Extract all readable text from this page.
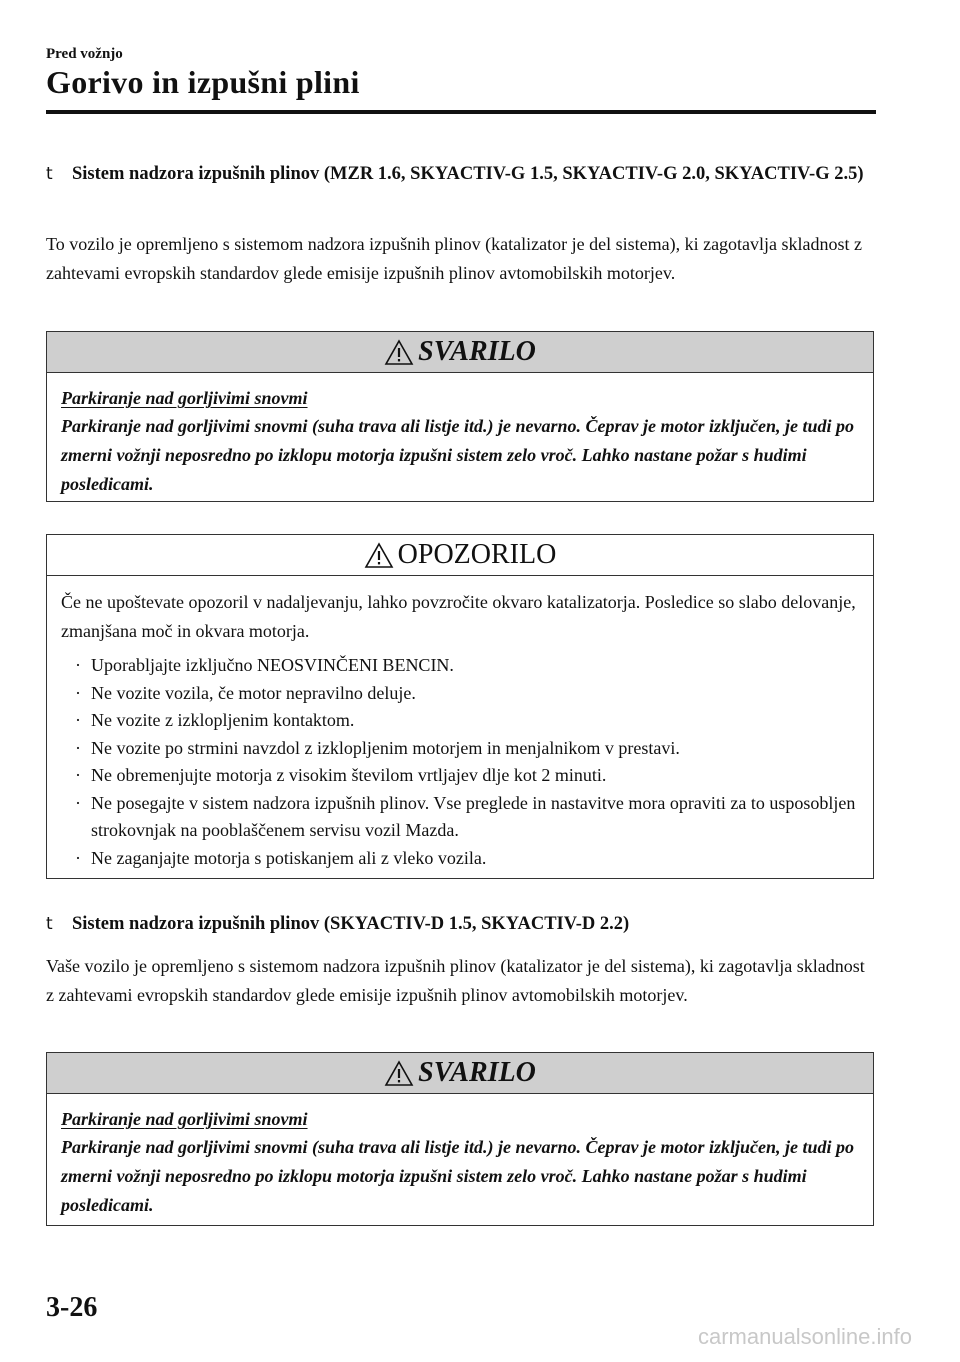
Pred vožnjo
Gorivo in izpušni plini
t Sistem nadzora izpušnih plinov (MZR 1.6, SKYACTIV-G 1.5, SKYACTIV-G 2.0, SKYACTIV-G 2.5)
To vozilo je opremljeno s sistemom nadzora izpušnih plinov (katalizator je del sistema), ki zagotavlja skladnost z zahtevami evropskih standardov glede emisije izpušnih plinov avtomobilskih motorjev.
SVARILO
Parkiranje nad gorljivimi snovmi
Parkiranje nad gorljivimi snovmi (suha trava ali listje itd.) je nevarno. Čeprav je motor izključen, je tudi po zmerni vožnji neposredno po izklopu motorja izpušni sistem zelo vroč. Lahko nastane požar s hudimi posledicami.
OPOZORILO
Če ne upoštevate opozoril v nadaljevanju, lahko povzročite okvaro katalizatorja. Posledice so slabo delovanje, zmanjšana moč in okvara motorja.
· Uporabljajte izključno NEOSVINČENI BENCIN.
· Ne vozite vozila, če motor nepravilno deluje.
· Ne vozite z izklopljenim kontaktom.
· Ne vozite po strmini navzdol z izklopljenim motorjem in menjalnikom v prestavi.
· Ne obremenjujte motorja z visokim številom vrtljajev dlje kot 2 minuti.
· Ne posegajte v sistem nadzora izpušnih plinov. Vse preglede in nastavitve mora opraviti za to usposobljen strokovnjak na pooblaščenem servisu vozil Mazda.
· Ne zaganjajte motorja s potiskanjem ali z vleko vozila.
t Sistem nadzora izpušnih plinov (SKYACTIV-D 1.5, SKYACTIV-D 2.2)
Vaše vozilo je opremljeno s sistemom nadzora izpušnih plinov (katalizator je del sistema), ki zagotavlja skladnost z zahtevami evropskih standardov glede emisije izpušnih plinov avtomobilskih motorjev.
SVARILO
Parkiranje nad gorljivimi snovmi
Parkiranje nad gorljivimi snovmi (suha trava ali listje itd.) je nevarno. Čeprav je motor izključen, je tudi po zmerni vožnji neposredno po izklopu motorja izpušni sistem zelo vroč. Lahko nastane požar s hudimi posledicami.
3-26
carmanualsonline.info
